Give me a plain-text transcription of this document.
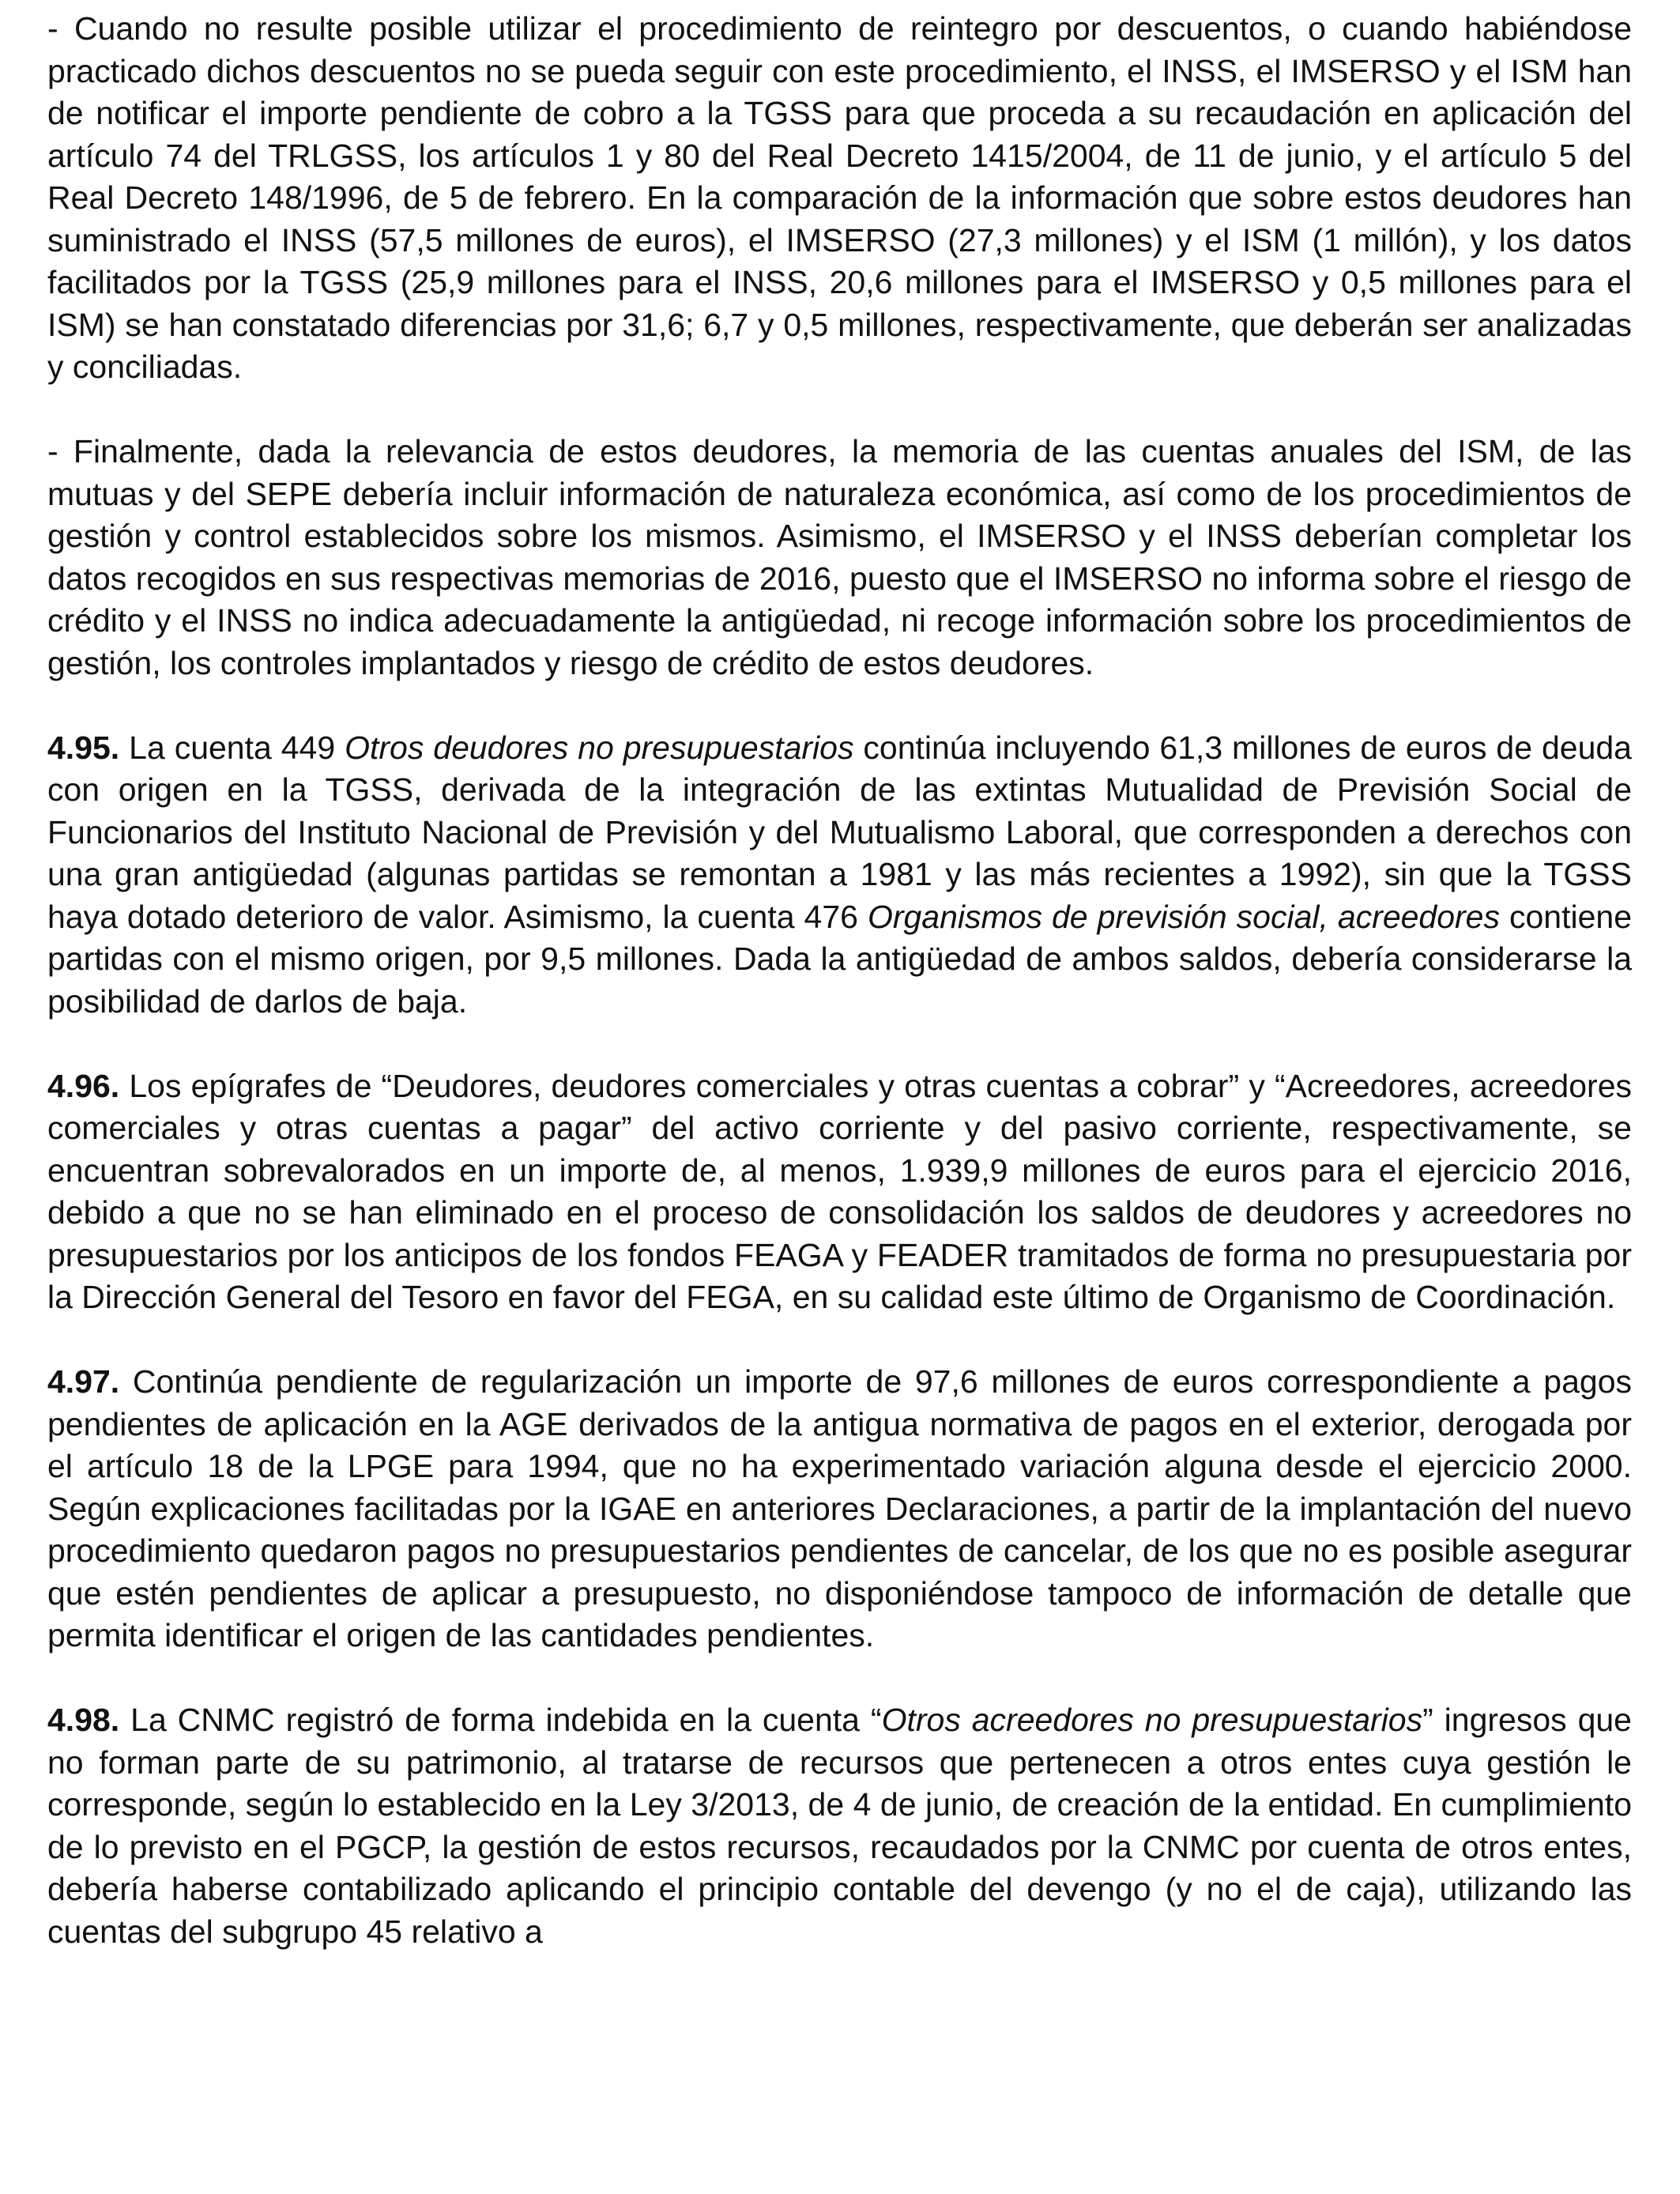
- Cuando no resulte posible utilizar el procedimiento de reintegro por descuentos, o cuando habiéndose practicado dichos descuentos no se pueda seguir con este procedimiento, el INSS, el IMSERSO y el ISM han de notificar el importe pendiente de cobro a la TGSS para que proceda a su recaudación en aplicación del artículo 74 del TRLGSS, los artículos 1 y 80 del Real Decreto 1415/2004, de 11 de junio, y el artículo 5 del Real Decreto 148/1996, de 5 de febrero. En la comparación de la información que sobre estos deudores han suministrado el INSS (57,5 millones de euros), el IMSERSO (27,3 millones) y el ISM (1 millón), y los datos facilitados por la TGSS (25,9 millones para el INSS, 20,6 millones para el IMSERSO y 0,5 millones para el ISM) se han constatado diferencias por 31,6; 6,7 y 0,5 millones, respectivamente, que deberán ser analizadas y conciliadas.

- Finalmente, dada la relevancia de estos deudores, la memoria de las cuentas anuales del ISM, de las mutuas y del SEPE debería incluir información de naturaleza económica, así como de los procedimientos de gestión y control establecidos sobre los mismos. Asimismo, el IMSERSO y el INSS deberían completar los datos recogidos en sus respectivas memorias de 2016, puesto que el IMSERSO no informa sobre el riesgo de crédito y el INSS no indica adecuadamente la antigüedad, ni recoge información sobre los procedimientos de gestión, los controles implantados y riesgo de crédito de estos deudores.

4.95. La cuenta 449 Otros deudores no presupuestarios continúa incluyendo 61,3 millones de euros de deuda con origen en la TGSS, derivada de la integración de las extintas Mutualidad de Previsión Social de Funcionarios del Instituto Nacional de Previsión y del Mutualismo Laboral, que corresponden a derechos con una gran antigüedad (algunas partidas se remontan a 1981 y las más recientes a 1992), sin que la TGSS haya dotado deterioro de valor. Asimismo, la cuenta 476 Organismos de previsión social, acreedores contiene partidas con el mismo origen, por 9,5 millones. Dada la antigüedad de ambos saldos, debería considerarse la posibilidad de darlos de baja.

4.96. Los epígrafes de “Deudores, deudores comerciales y otras cuentas a cobrar” y “Acreedores, acreedores comerciales y otras cuentas a pagar” del activo corriente y del pasivo corriente, respectivamente, se encuentran sobrevalorados en un importe de, al menos, 1.939,9 millones de euros para el ejercicio 2016, debido a que no se han eliminado en el proceso de consolidación los saldos de deudores y acreedores no presupuestarios por los anticipos de los fondos FEAGA y FEADER tramitados de forma no presupuestaria por la Dirección General del Tesoro en favor del FEGA, en su calidad este último de Organismo de Coordinación.

4.97. Continúa pendiente de regularización un importe de 97,6 millones de euros correspondiente a pagos pendientes de aplicación en la AGE derivados de la antigua normativa de pagos en el exterior, derogada por el artículo 18 de la LPGE para 1994, que no ha experimentado variación alguna desde el ejercicio 2000. Según explicaciones facilitadas por la IGAE en anteriores Declaraciones, a partir de la implantación del nuevo procedimiento quedaron pagos no presupuestarios pendientes de cancelar, de los que no es posible asegurar que estén pendientes de aplicar a presupuesto, no disponiéndose tampoco de información de detalle que permita identificar el origen de las cantidades pendientes.

4.98. La CNMC registró de forma indebida en la cuenta “Otros acreedores no presupuestarios” ingresos que no forman parte de su patrimonio, al tratarse de recursos que pertenecen a otros entes cuya gestión le corresponde, según lo establecido en la Ley 3/2013, de 4 de junio, de creación de la entidad. En cumplimiento de lo previsto en el PGCP, la gestión de estos recursos, recaudados por la CNMC por cuenta de otros entes, debería haberse contabilizado aplicando el principio contable del devengo (y no el de caja), utilizando las cuentas del subgrupo 45 relativo a
